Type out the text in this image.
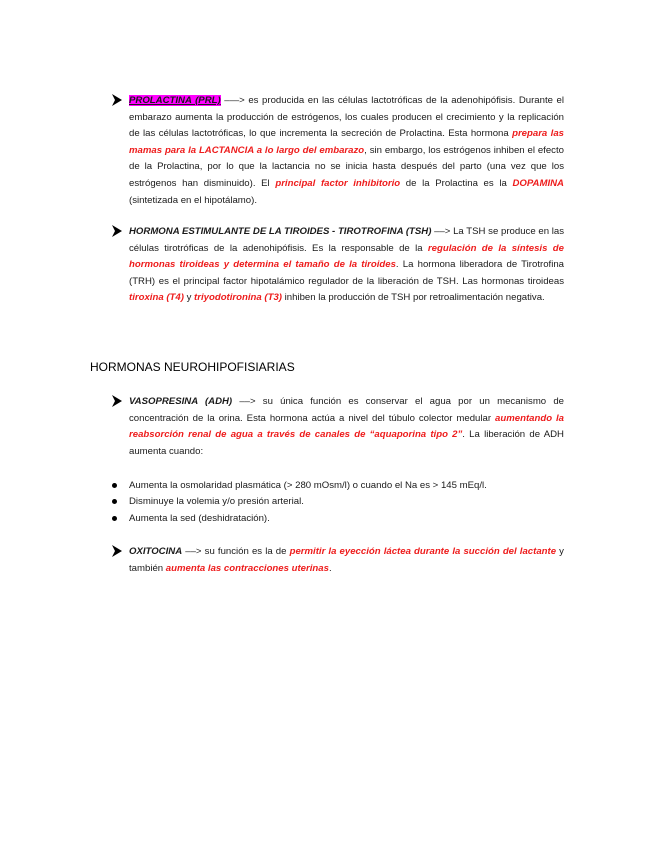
PROLACTINA (PRL) –—> es producida en las células lactotróficas de la adenohipófisis. Durante el embarazo aumenta la producción de estrógenos, los cuales producen el crecimiento y la replicación de las células lactotróficas, lo que incrementa la secreción de Prolactina. Esta hormona prepara las mamas para la LACTANCIA a lo largo del embarazo, sin embargo, los estrógenos inhiben el efecto de la Prolactina, por lo que la lactancia no se inicia hasta después del parto (una vez que los estrógenos han disminuido). El principal factor inhibitorio de la Prolactina es la DOPAMINA (sintetizada en el hipotálamo).
HORMONA ESTIMULANTE DE LA TIROIDES - TIROTROFINA (TSH) ––> La TSH se produce en las células tirotróficas de la adenohipófisis. Es la responsable de la regulación de la síntesis de hormonas tiroideas y determina el tamaño de la tiroides. La hormona liberadora de Tirotrofina (TRH) es el principal factor hipotalámico regulador de la liberación de TSH. Las hormonas tiroideas tiroxina (T4) y triyodotironina (T3) inhiben la producción de TSH por retroalimentación negativa.
HORMONAS NEUROHIPOFISIARIAS
VASOPRESINA (ADH) ––> su única función es conservar el agua por un mecanismo de concentración de la orina. Esta hormona actúa a nivel del túbulo colector medular aumentando la reabsorción renal de agua a través de canales de “aquaporina tipo 2”. La liberación de ADH aumenta cuando:
Aumenta la osmolaridad plasmática (> 280 mOsm/l) o cuando el Na es > 145 mEq/l.
Disminuye la volemia y/o presión arterial.
Aumenta la sed (deshidratación).
OXITOCINA ––> su función es la de permitir la eyección láctea durante la succión del lactante y también aumenta las contracciones uterinas.
